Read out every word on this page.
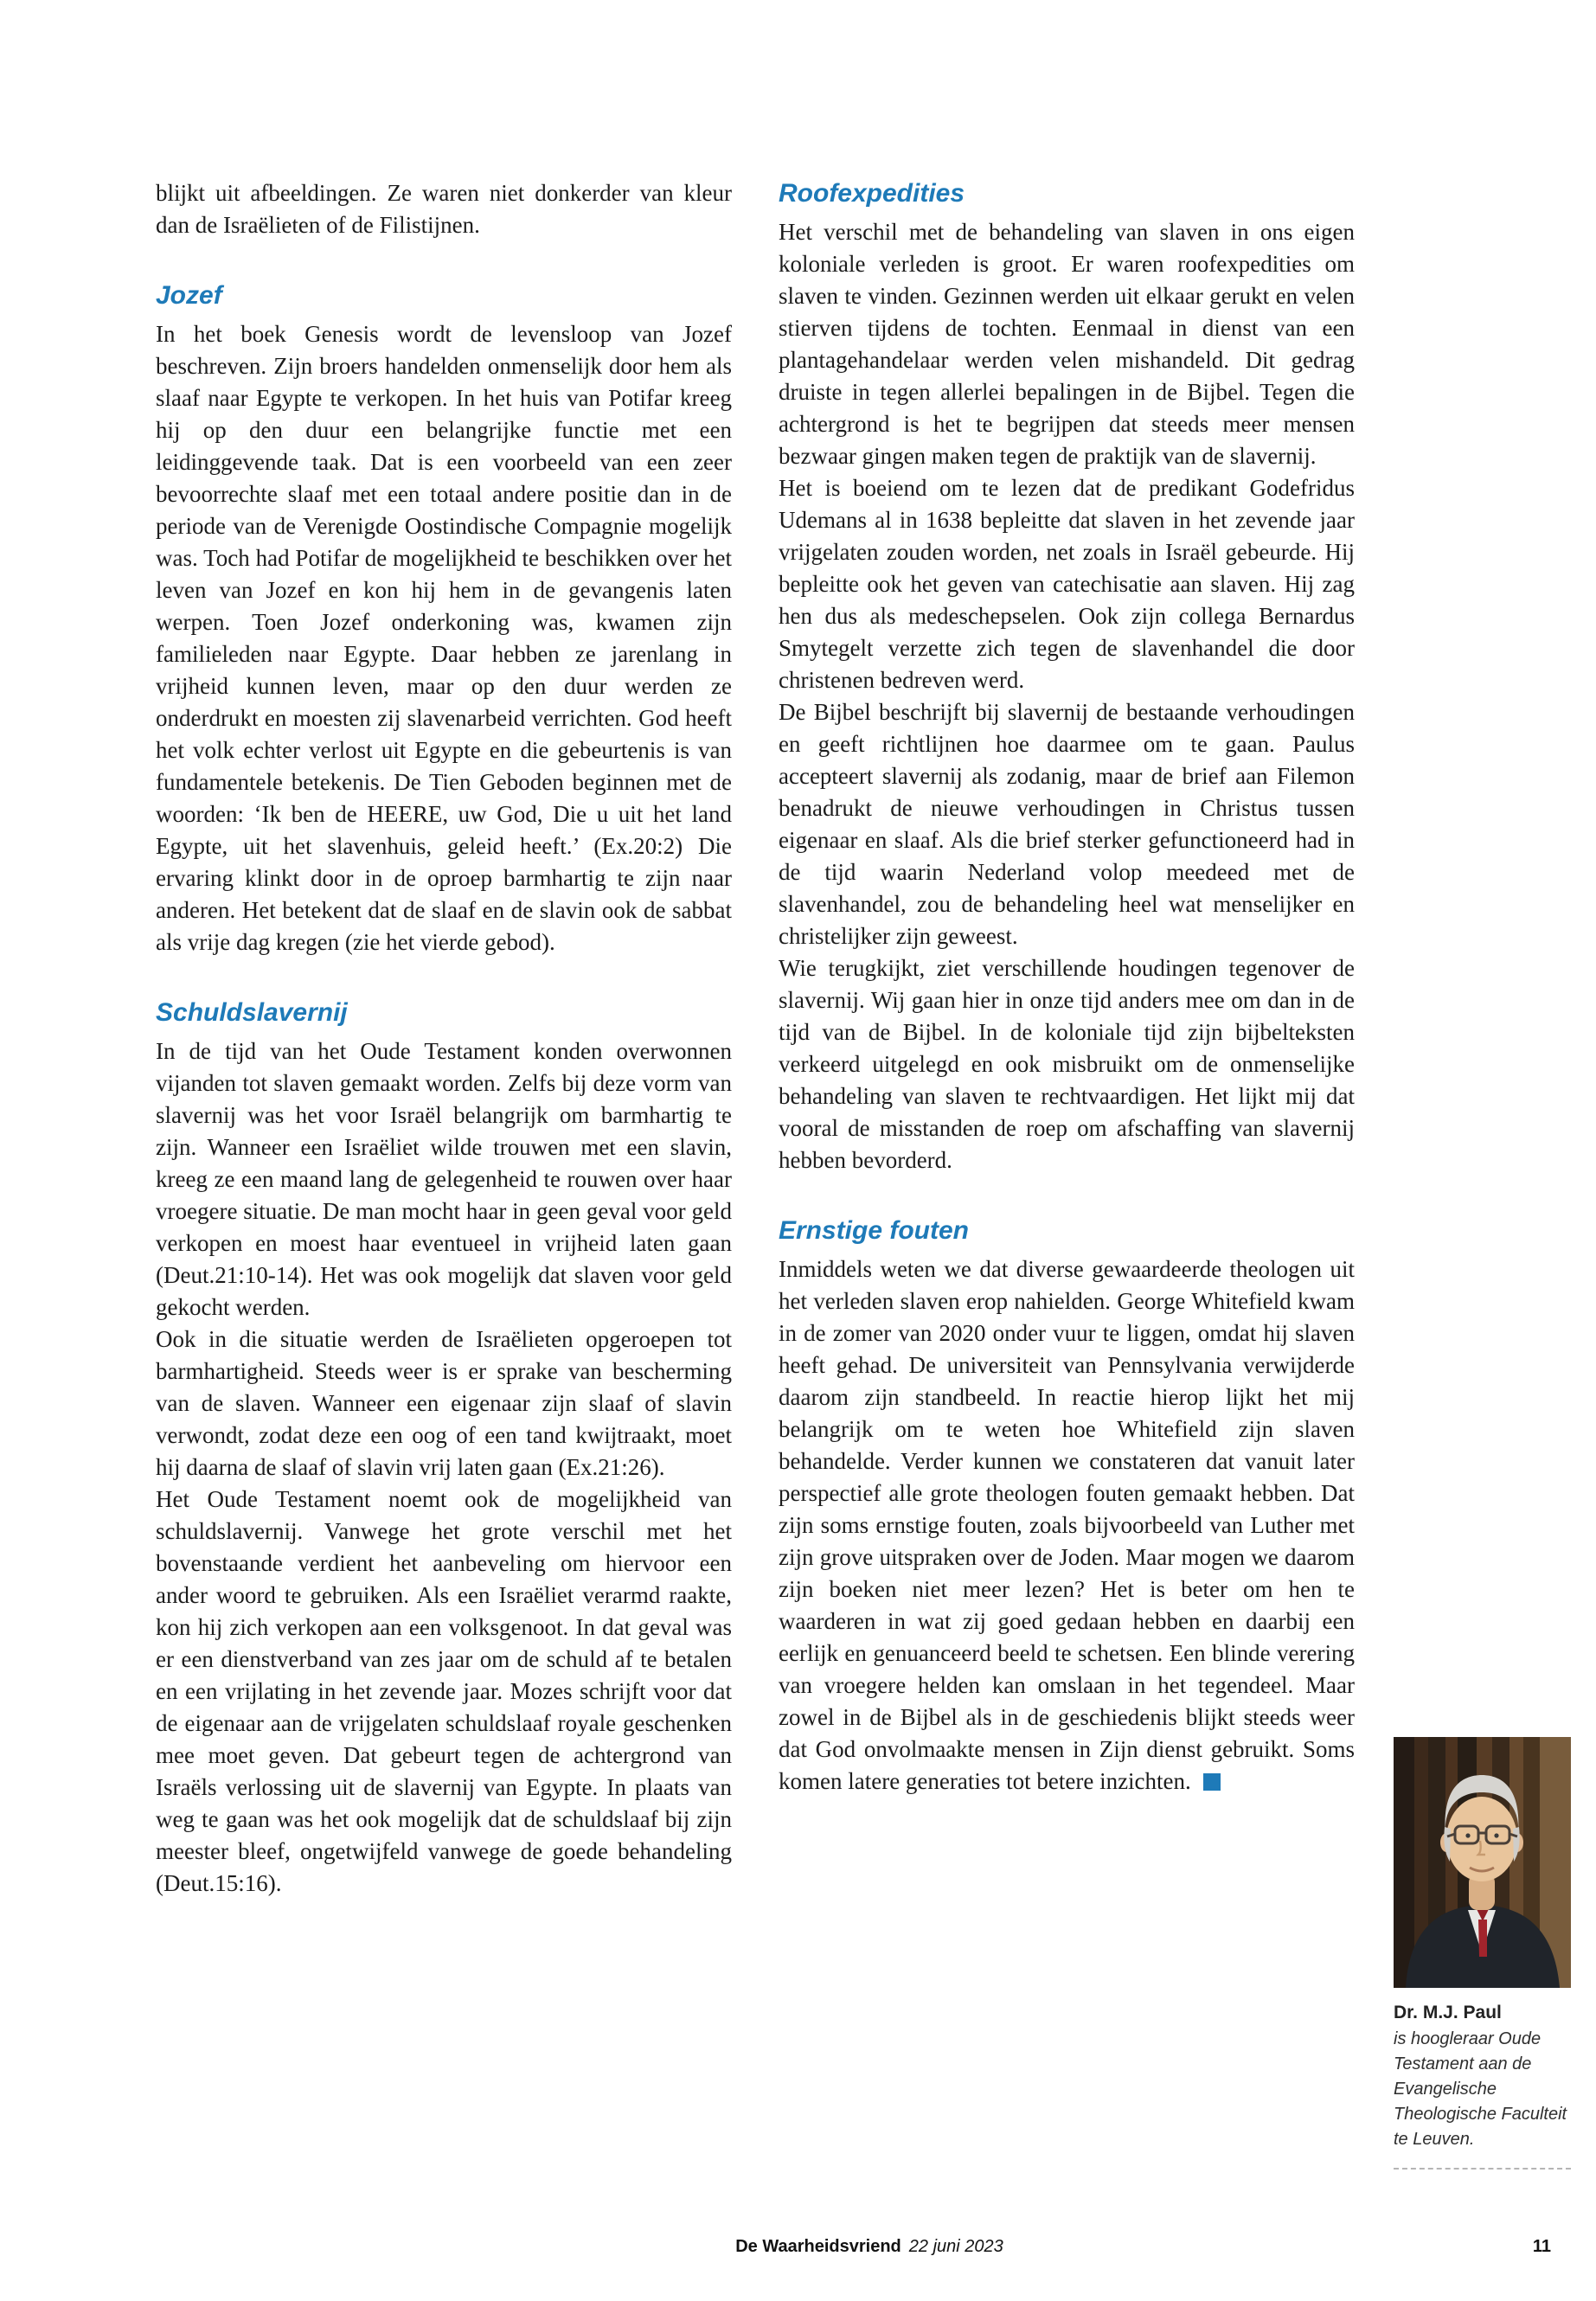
blijkt uit afbeeldingen. Ze waren niet donkerder van kleur dan de Israëlieten of de Filistijnen.

Jozef

In het boek Genesis wordt de levensloop van Jozef beschreven. Zijn broers handelden onmenselijk door hem als slaaf naar Egypte te verkopen. In het huis van Potifar kreeg hij op den duur een belangrijke functie met een leidinggevende taak. Dat is een voorbeeld van een zeer bevoorrechte slaaf met een totaal andere positie dan in de periode van de Verenigde Oostindische Compagnie mogelijk was. Toch had Potifar de mogelijkheid te beschikken over het leven van Jozef en kon hij hem in de gevangenis laten werpen. Toen Jozef onderkoning was, kwamen zijn familieleden naar Egypte. Daar hebben ze jarenlang in vrijheid kunnen leven, maar op den duur werden ze onderdrukt en moesten zij slavenarbeid verrichten. God heeft het volk echter verlost uit Egypte en die gebeurtenis is van fundamentele betekenis. De Tien Geboden beginnen met de woorden: ‘Ik ben de HEERE, uw God, Die u uit het land Egypte, uit het slavenhuis, geleid heeft.’ (Ex.20:2) Die ervaring klinkt door in de oproep barmhartig te zijn naar anderen. Het betekent dat de slaaf en de slavin ook de sabbat als vrije dag kregen (zie het vierde gebod).

Schuldslavernij

In de tijd van het Oude Testament konden overwonnen vijanden tot slaven gemaakt worden. Zelfs bij deze vorm van slavernij was het voor Israël belangrijk om barmhartig te zijn. Wanneer een Israëliet wilde trouwen met een slavin, kreeg ze een maand lang de gelegenheid te rouwen over haar vroegere situatie. De man mocht haar in geen geval voor geld verkopen en moest haar eventueel in vrijheid laten gaan (Deut.21:10-14). Het was ook mogelijk dat slaven voor geld gekocht werden.

Ook in die situatie werden de Israëlieten opgeroepen tot barmhartigheid. Steeds weer is er sprake van bescherming van de slaven. Wanneer een eigenaar zijn slaaf of slavin verwondt, zodat deze een oog of een tand kwijtraakt, moet hij daarna de slaaf of slavin vrij laten gaan (Ex.21:26).

Het Oude Testament noemt ook de mogelijkheid van schuldslavernij. Vanwege het grote verschil met het bovenstaande verdient het aanbeveling om hiervoor een ander woord te gebruiken. Als een Israëliet verarmd raakte, kon hij zich verkopen aan een volksgenoot. In dat geval was er een dienstverband van zes jaar om de schuld af te betalen en een vrijlating in het zevende jaar. Mozes schrijft voor dat de eigenaar aan de vrijgelaten schuldslaaf royale geschenken mee moet geven. Dat gebeurt tegen de achtergrond van Israëls verlossing uit de slavernij van Egypte. In plaats van weg te gaan was het ook mogelijk dat de schuldslaaf bij zijn meester bleef, ongetwijfeld vanwege de goede behandeling (Deut.15:16).

Roofexpedities

Het verschil met de behandeling van slaven in ons eigen koloniale verleden is groot. Er waren roofexpedities om slaven te vinden. Gezinnen werden uit elkaar gerukt en velen stierven tijdens de tochten. Eenmaal in dienst van een plantagehandelaar werden velen mishandeld. Dit gedrag druiste in tegen allerlei bepalingen in de Bijbel. Tegen die achtergrond is het te begrijpen dat steeds meer mensen bezwaar gingen maken tegen de praktijk van de slavernij.

Het is boeiend om te lezen dat de predikant Godefridus Udemans al in 1638 bepleitte dat slaven in het zevende jaar vrijgelaten zouden worden, net zoals in Israël gebeurde. Hij bepleitte ook het geven van catechisatie aan slaven. Hij zag hen dus als medeschepselen. Ook zijn collega Bernardus Smytegelt verzette zich tegen de slavenhandel die door christenen bedreven werd.

De Bijbel beschrijft bij slavernij de bestaande verhoudingen en geeft richtlijnen hoe daarmee om te gaan. Paulus accepteert slavernij als zodanig, maar de brief aan Filemon benadrukt de nieuwe verhoudingen in Christus tussen eigenaar en slaaf. Als die brief sterker gefunctioneerd had in de tijd waarin Nederland volop meedeed met de slavenhandel, zou de behandeling heel wat menselijker en christelijker zijn geweest.

Wie terugkijkt, ziet verschillende houdingen tegenover de slavernij. Wij gaan hier in onze tijd anders mee om dan in de tijd van de Bijbel. In de koloniale tijd zijn bijbelteksten verkeerd uitgelegd en ook misbruikt om de onmenselijke behandeling van slaven te rechtvaardigen. Het lijkt mij dat vooral de misstanden de roep om afschaffing van slavernij hebben bevorderd.

Ernstige fouten

Inmiddels weten we dat diverse gewaardeerde theologen uit het verleden slaven erop nahielden. George Whitefield kwam in de zomer van 2020 onder vuur te liggen, omdat hij slaven heeft gehad. De universiteit van Pennsylvania verwijderde daarom zijn standbeeld. In reactie hierop lijkt het mij belangrijk om te weten hoe Whitefield zijn slaven behandelde. Verder kunnen we constateren dat vanuit later perspectief alle grote theologen fouten gemaakt hebben. Dat zijn soms ernstige fouten, zoals bijvoorbeeld van Luther met zijn grove uitspraken over de Joden. Maar mogen we daarom zijn boeken niet meer lezen? Het is beter om hen te waarderen in wat zij goed gedaan hebben en daarbij een eerlijk en genuanceerd beeld te schetsen. Een blinde verering van vroegere helden kan omslaan in het tegendeel. Maar zowel in de Bijbel als in de geschiedenis blijkt steeds weer dat God onvolmaakte mensen in Zijn dienst gebruikt. Soms komen latere generaties tot betere inzichten.

Dr. M.J. Paul
is hoogleraar Oude Testament aan de Evangelische Theologische Faculteit te Leuven.
De Waarheidsvriend 22 juni 2023	11
